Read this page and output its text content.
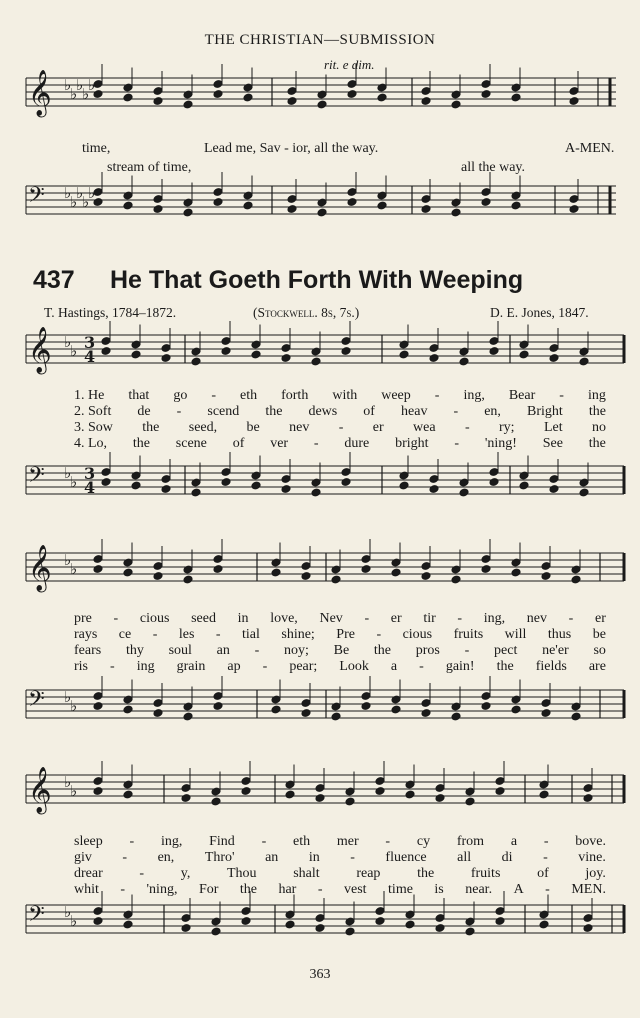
THE CHRISTIAN—SUBMISSION
rit. e dim.
𝄞 ♭
♭
♭
♭
♭
𝄢 ♭
♭
♭
♭
♭
𝄞 ♭
♭ 3
4
𝄢 ♭
♭ 3
4
𝄞 ♭
♭
𝄢 ♭
♭
𝄞 ♭
♭
𝄢 ♭
♭
time,	Lead me, Sav - ior, all the way.	A-MEN.
stream of time,	all the way.
437 He That Goeth Forth With Weeping
T. Hastings, 1784–1872.	(Stockwell. 8s, 7s.)	D. E. Jones, 1847.
1. He that go - eth forth with weep - ing, Bear - ing
2. Soft de - scend the dews of heav - en, Bright the
3. Sow the seed, be nev - er wea - ry; Let no
4. Lo, the scene of ver - dure bright - 'ning! See the
pre - cious seed in love, Nev - er tir - ing, nev - er
rays ce - les - tial shine; Pre - cious fruits will thus be
fears thy soul an - noy; Be the pros - pect ne'er so
ris - ing grain ap - pear; Look a - gain! the fields are
sleep - ing, Find - eth mer - cy from a - bove.
giv - en, Thro' an in - fluence all di - vine.
drear	-	y,	Thou	shalt	reap	the	fruits	of	joy.
whit - 'ning, For the har - vest time is near. A - MEN.
363
